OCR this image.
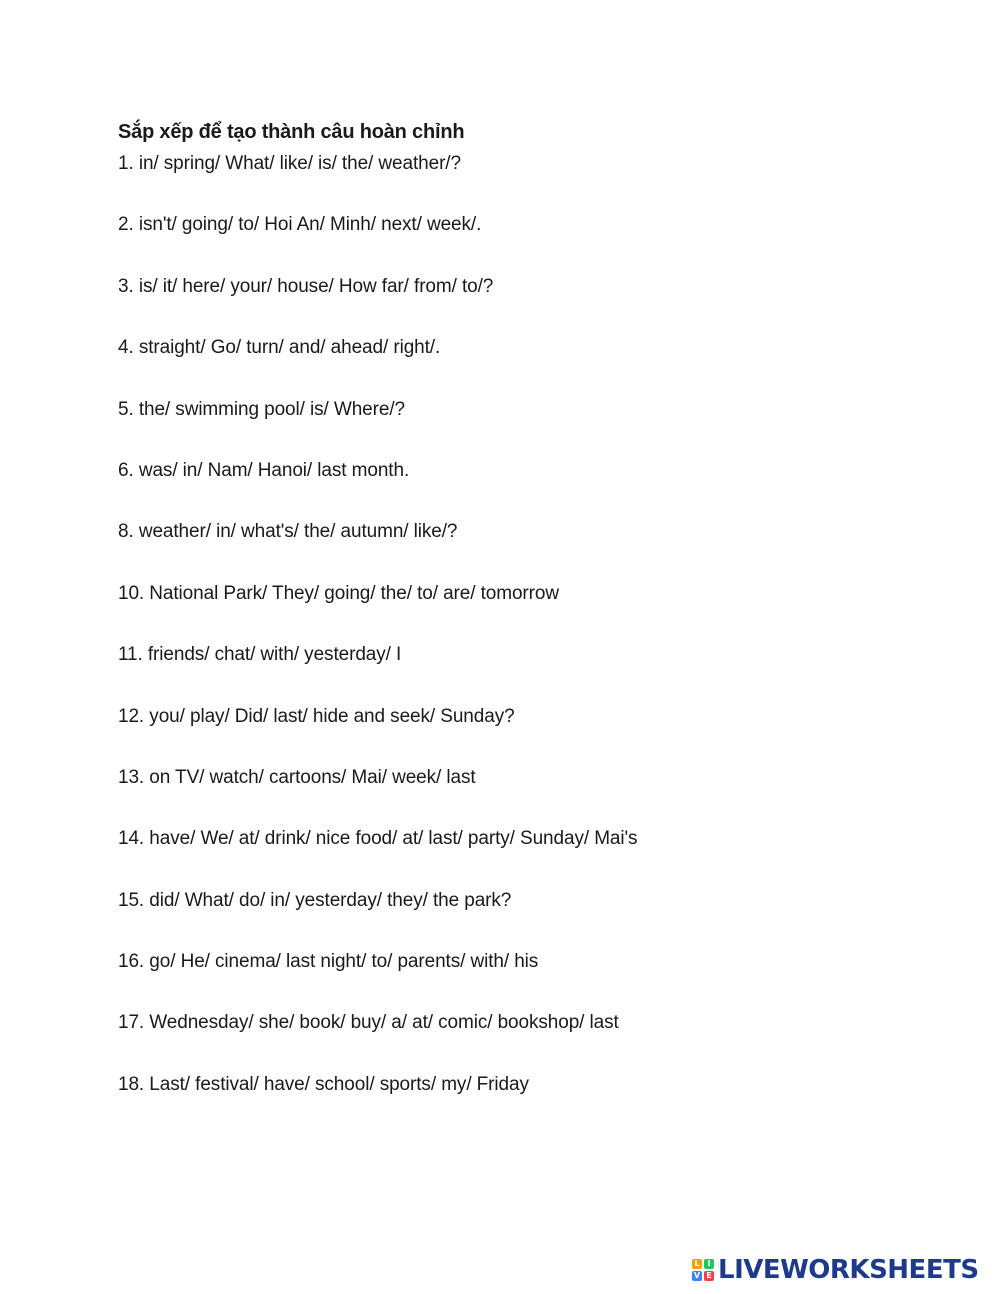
Sắp xếp để tạo thành câu hoàn chỉnh
1. in/ spring/ What/ like/ is/ the/ weather/?
2. isn't/ going/ to/ Hoi An/ Minh/ next/ week/.
3. is/ it/ here/ your/ house/ How far/ from/ to/?
4. straight/ Go/ turn/ and/ ahead/ right/.
5. the/ swimming pool/ is/ Where/?
6. was/ in/ Nam/ Hanoi/ last month.
8. weather/ in/ what's/ the/ autumn/ like/?
10. National Park/ They/ going/ the/ to/ are/ tomorrow
11. friends/ chat/ with/ yesterday/ I
12. you/ play/ Did/ last/ hide and seek/ Sunday?
13. on TV/ watch/ cartoons/ Mai/ week/ last
14. have/ We/ at/ drink/ nice food/ at/ last/ party/ Sunday/ Mai's
15. did/ What/ do/ in/ yesterday/ they/ the park?
16. go/ He/ cinema/ last night/ to/ parents/ with/ his
17. Wednesday/ she/ book/ buy/ a/ at/ comic/ bookshop/ last
18. Last/ festival/ have/ school/ sports/ my/ Friday
L I
V E LIVEWORKSHEETS
